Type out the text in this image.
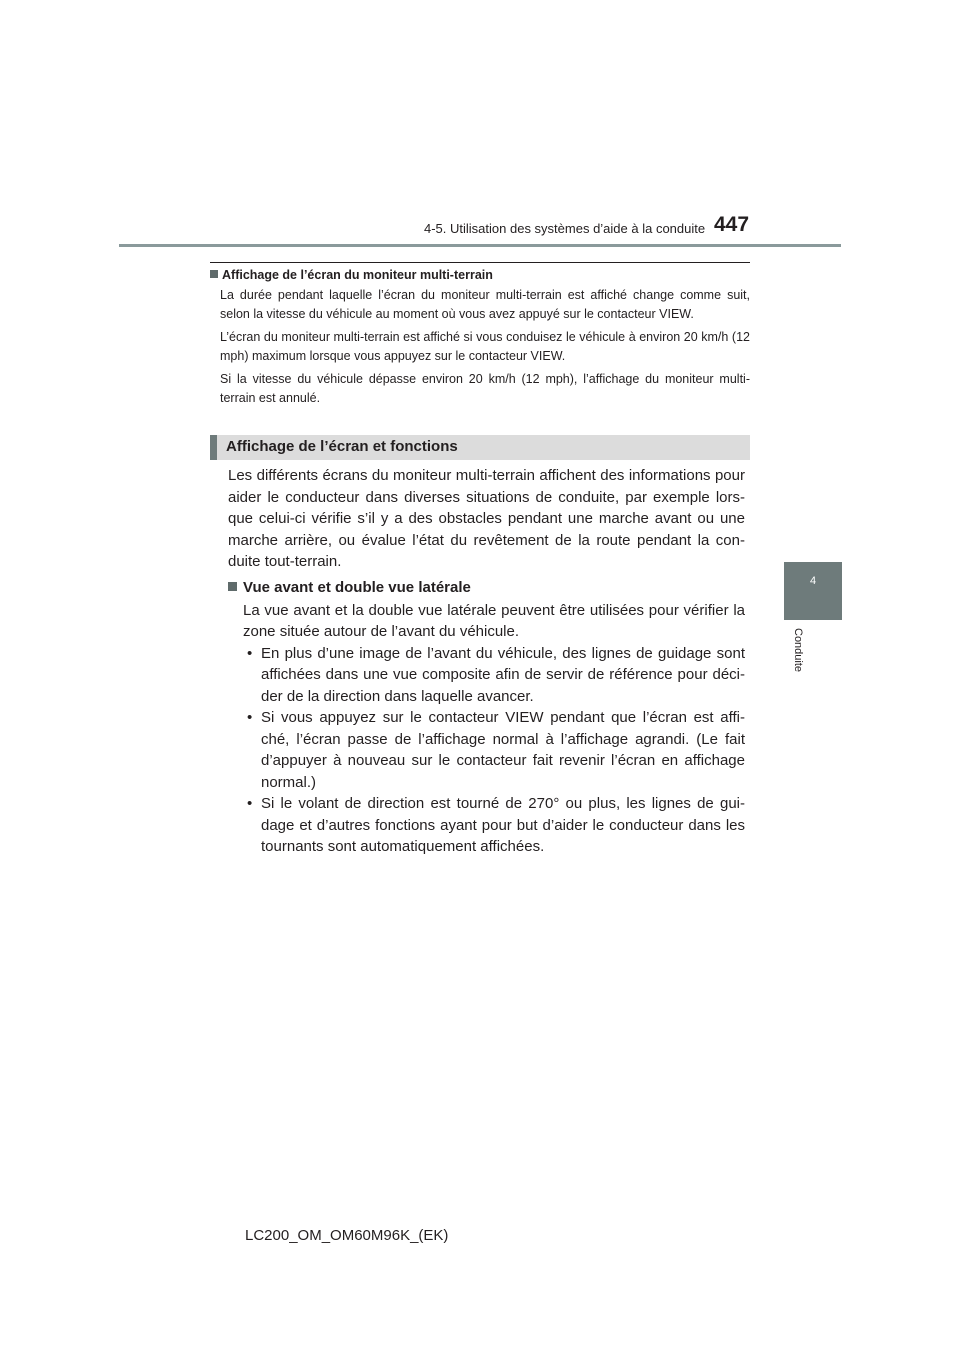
4-5. Utilisation des systèmes d’aide à la conduite 447
4
Conduite
Affichage de l’écran du moniteur multi-terrain
La durée pendant laquelle l’écran du moniteur multi-terrain est affiché change comme suit, selon la vitesse du véhicule au moment où vous avez appuyé sur le contacteur VIEW.
L’écran du moniteur multi-terrain est affiché si vous conduisez le véhicule à environ 20 km/h (12 mph) maximum lorsque vous appuyez sur le contacteur VIEW.
Si la vitesse du véhicule dépasse environ 20 km/h (12 mph), l’affichage du moniteur multi-terrain est annulé.
Affichage de l’écran et fonctions
Les différents écrans du moniteur multi-terrain affichent des informations pour aider le conducteur dans diverses situations de conduite, par exemple lors-que celui-ci vérifie s’il y a des obstacles pendant une marche avant ou une marche arrière, ou évalue l’état du revêtement de la route pendant la con-duite tout-terrain.
Vue avant et double vue latérale
La vue avant et la double vue latérale peuvent être utilisées pour vérifier la zone située autour de l’avant du véhicule.
• En plus d’une image de l’avant du véhicule, des lignes de guidage sont affichées dans une vue composite afin de servir de référence pour déci-der de la direction dans laquelle avancer.
• Si vous appuyez sur le contacteur VIEW pendant que l’écran est affi-ché, l’écran passe de l’affichage normal à l’affichage agrandi. (Le fait d’appuyer à nouveau sur le contacteur fait revenir l’écran en affichage normal.)
• Si le volant de direction est tourné de 270° ou plus, les lignes de gui-dage et d’autres fonctions ayant pour but d’aider le conducteur dans les tournants sont automatiquement affichées.
LC200_OM_OM60M96K_(EK)
